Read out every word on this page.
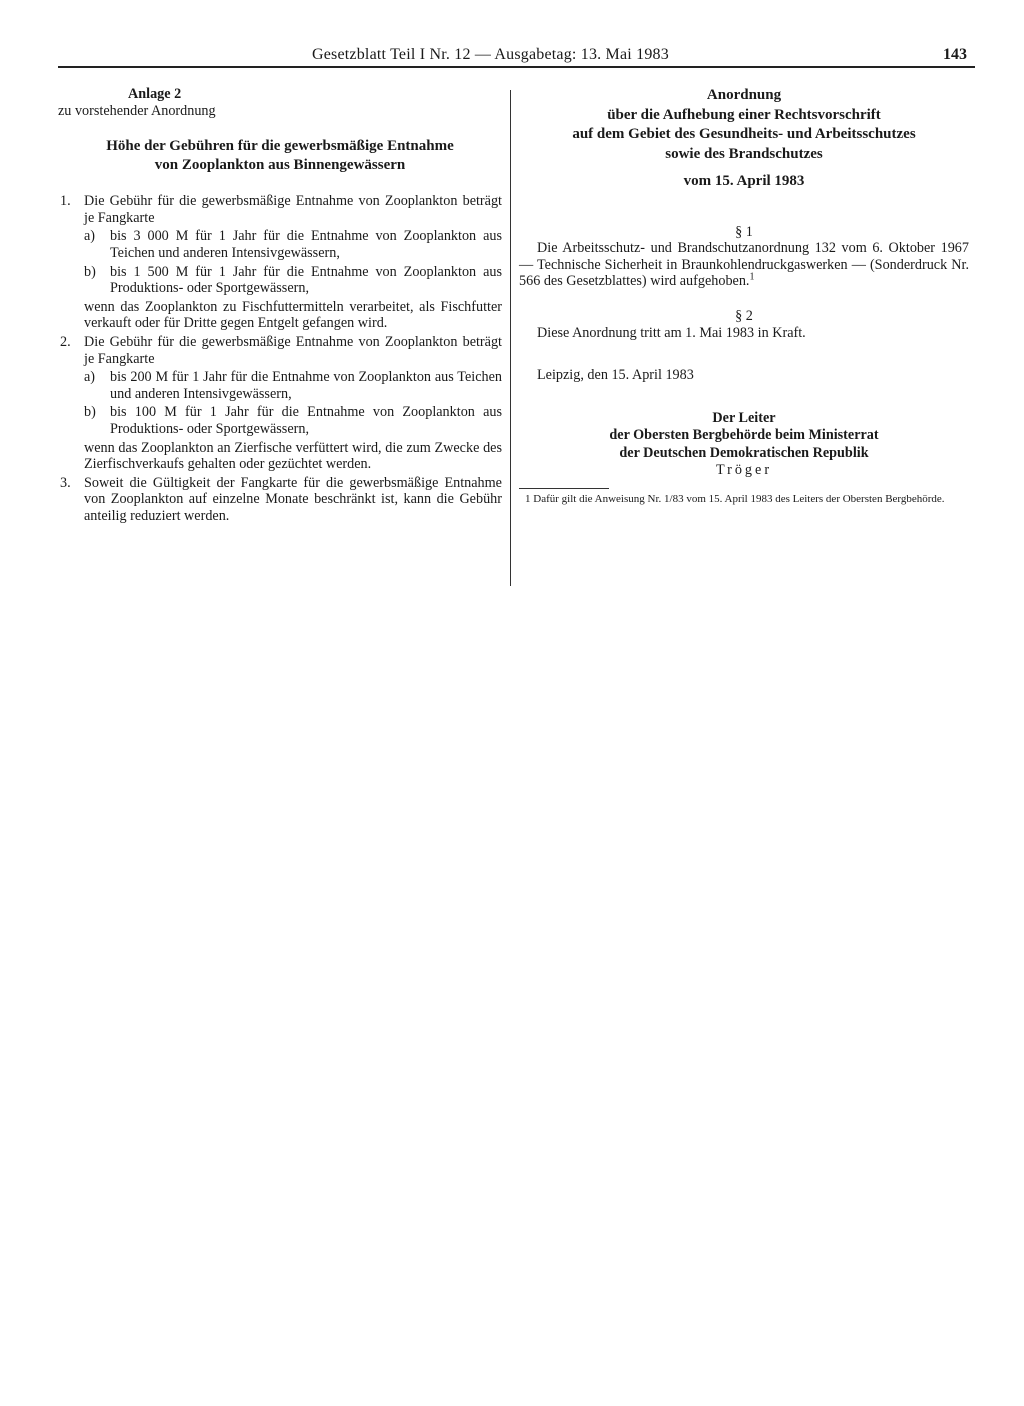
Gesetzblatt Teil I Nr. 12 — Ausgabetag: 13. Mai 1983	143
Anlage 2
zu vorstehender Anordnung
Höhe der Gebühren für die gewerbsmäßige Entnahme
von Zooplankton aus Binnengewässern
1. Die Gebühr für die gewerbsmäßige Entnahme von Zooplankton beträgt je Fangkarte
a) bis 3 000 M für 1 Jahr für die Entnahme von Zooplankton aus Teichen und anderen Intensivgewässern,
b) bis 1 500 M für 1 Jahr für die Entnahme von Zooplankton aus Produktions- oder Sportgewässern,
wenn das Zooplankton zu Fischfuttermitteln verarbeitet, als Fischfutter verkauft oder für Dritte gegen Entgelt gefangen wird.
2. Die Gebühr für die gewerbsmäßige Entnahme von Zooplankton beträgt je Fangkarte
a) bis 200 M für 1 Jahr für die Entnahme von Zooplankton aus Teichen und anderen Intensivgewässern,
b) bis 100 M für 1 Jahr für die Entnahme von Zooplankton aus Produktions- oder Sportgewässern,
wenn das Zooplankton an Zierfische verfüttert wird, die zum Zwecke des Zierfischverkaufs gehalten oder gezüchtet werden.
3. Soweit die Gültigkeit der Fangkarte für die gewerbsmäßige Entnahme von Zooplankton auf einzelne Monate beschränkt ist, kann die Gebühr anteilig reduziert werden.
Anordnung
über die Aufhebung einer Rechtsvorschrift
auf dem Gebiet des Gesundheits- und Arbeitsschutzes
sowie des Brandschutzes
vom 15. April 1983
§ 1

Die Arbeitsschutz- und Brandschutzanordnung 132 vom 6. Oktober 1967 — Technische Sicherheit in Braunkohlendruckgaswerken — (Sonderdruck Nr. 566 des Gesetzblattes) wird aufgehoben.$^1$

§ 2

Diese Anordnung tritt am 1. Mai 1983 in Kraft.

Leipzig, den 15. April 1983
Der Leiter
der Obersten Bergbehörde beim Ministerrat
der Deutschen Demokratischen Republik
Tröger
1 Dafür gilt die Anweisung Nr. 1/83 vom 15. April 1983 des Leiters der Obersten Bergbehörde.
